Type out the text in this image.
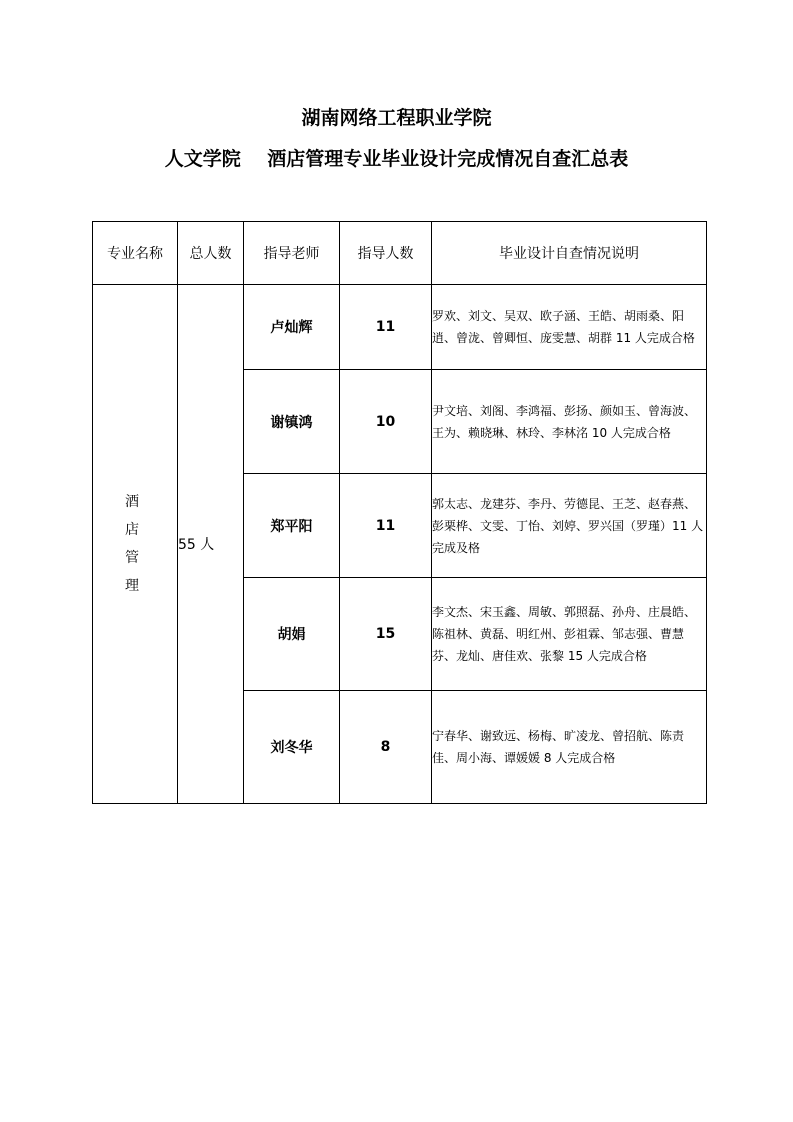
湖南网络工程职业学院
人文学院    酒店管理专业毕业设计完成情况自查汇总表
专业名称	总人数	指导老师	指导人数	毕业设计自查情况说明
酒店管理	55 人	卢灿辉	11	罗欢、刘文、吴双、欧子涵、王皓、胡雨桑、阳逍、曾泷、曾卿恒、庞雯慧、胡群 11 人完成合格
		谢镇鸿	10	尹文培、刘阁、李鸿福、彭扬、颜如玉、曾海波、王为、赖晓琳、林玲、李林洺 10 人完成合格
		郑平阳	11	郭太志、龙建芬、李丹、劳德昆、王芝、赵春燕、彭栗桦、文雯、丁怡、刘婷、罗兴国（罗瑾）11 人完成及格
		胡娟	15	李文杰、宋玉鑫、周敏、郭照磊、孙舟、庄晨皓、陈祖林、黄磊、明红州、彭祖霖、邹志强、曹慧芬、龙灿、唐佳欢、张黎 15 人完成合格
		刘冬华	8	宁春华、谢致远、杨梅、旷凌龙、曾招航、陈责佳、周小海、谭媛媛 8 人完成合格
